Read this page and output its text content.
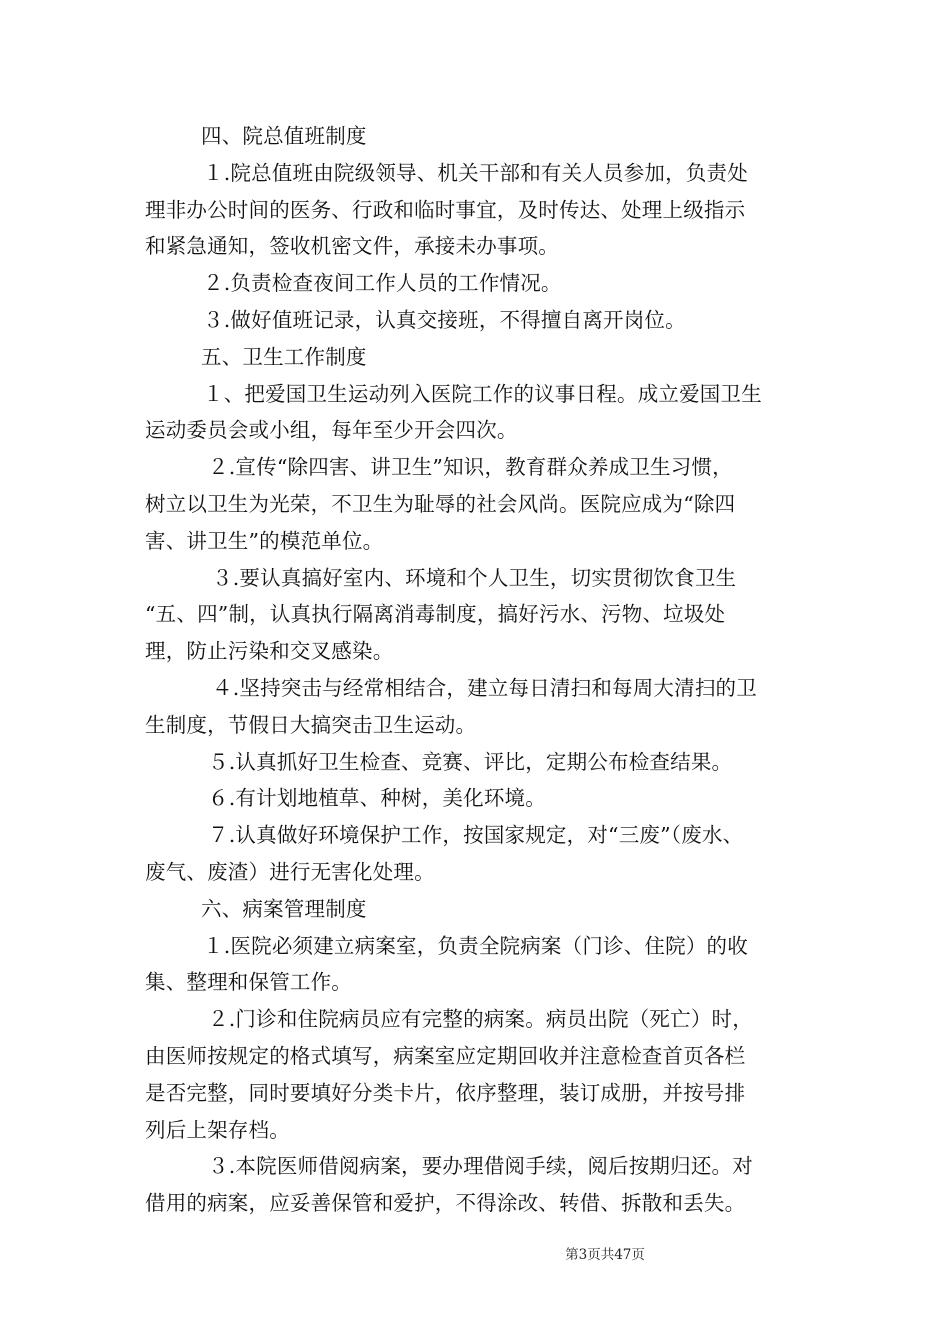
四、院总值班制度
１.院总值班由院级领导、机关干部和有关人员参加，负责处
理非办公时间的医务、行政和临时事宜，及时传达、处理上级指示
和紧急通知，签收机密文件，承接未办事项。
２.负责检查夜间工作人员的工作情况。
３.做好值班记录，认真交接班，不得擅自离开岗位。
五、卫生工作制度
１、把爱国卫生运动列入医院工作的议事日程。成立爱国卫生
运动委员会或小组，每年至少开会四次。
２.宣传“除四害、讲卫生”知识，教育群众养成卫生习惯，
树立以卫生为光荣，不卫生为耻辱的社会风尚。医院应成为“除四
害、讲卫生”的模范单位。
３.要认真搞好室内、环境和个人卫生，切实贯彻饮食卫生
“五、四”制，认真执行隔离消毒制度，搞好污水、污物、垃圾处
理，防止污染和交叉感染。
４.坚持突击与经常相结合，建立每日清扫和每周大清扫的卫
生制度，节假日大搞突击卫生运动。
５.认真抓好卫生检查、竞赛、评比，定期公布检查结果。
６.有计划地植草、种树，美化环境。
７.认真做好环境保护工作，按国家规定，对“三废”（废水、
废气、废渣）进行无害化处理。
六、病案管理制度
１.医院必须建立病案室，负责全院病案（门诊、住院）的收
集、整理和保管工作。
２.门诊和住院病员应有完整的病案。病员出院（死亡）时，
由医师按规定的格式填写，病案室应定期回收并注意检查首页各栏
是否完整，同时要填好分类卡片，依序整理，装订成册，并按号排
列后上架存档。
３.本院医师借阅病案，要办理借阅手续，阅后按期归还。对
借用的病案，应妥善保管和爱护，不得涂改、转借、拆散和丢失。
第3页共47页
